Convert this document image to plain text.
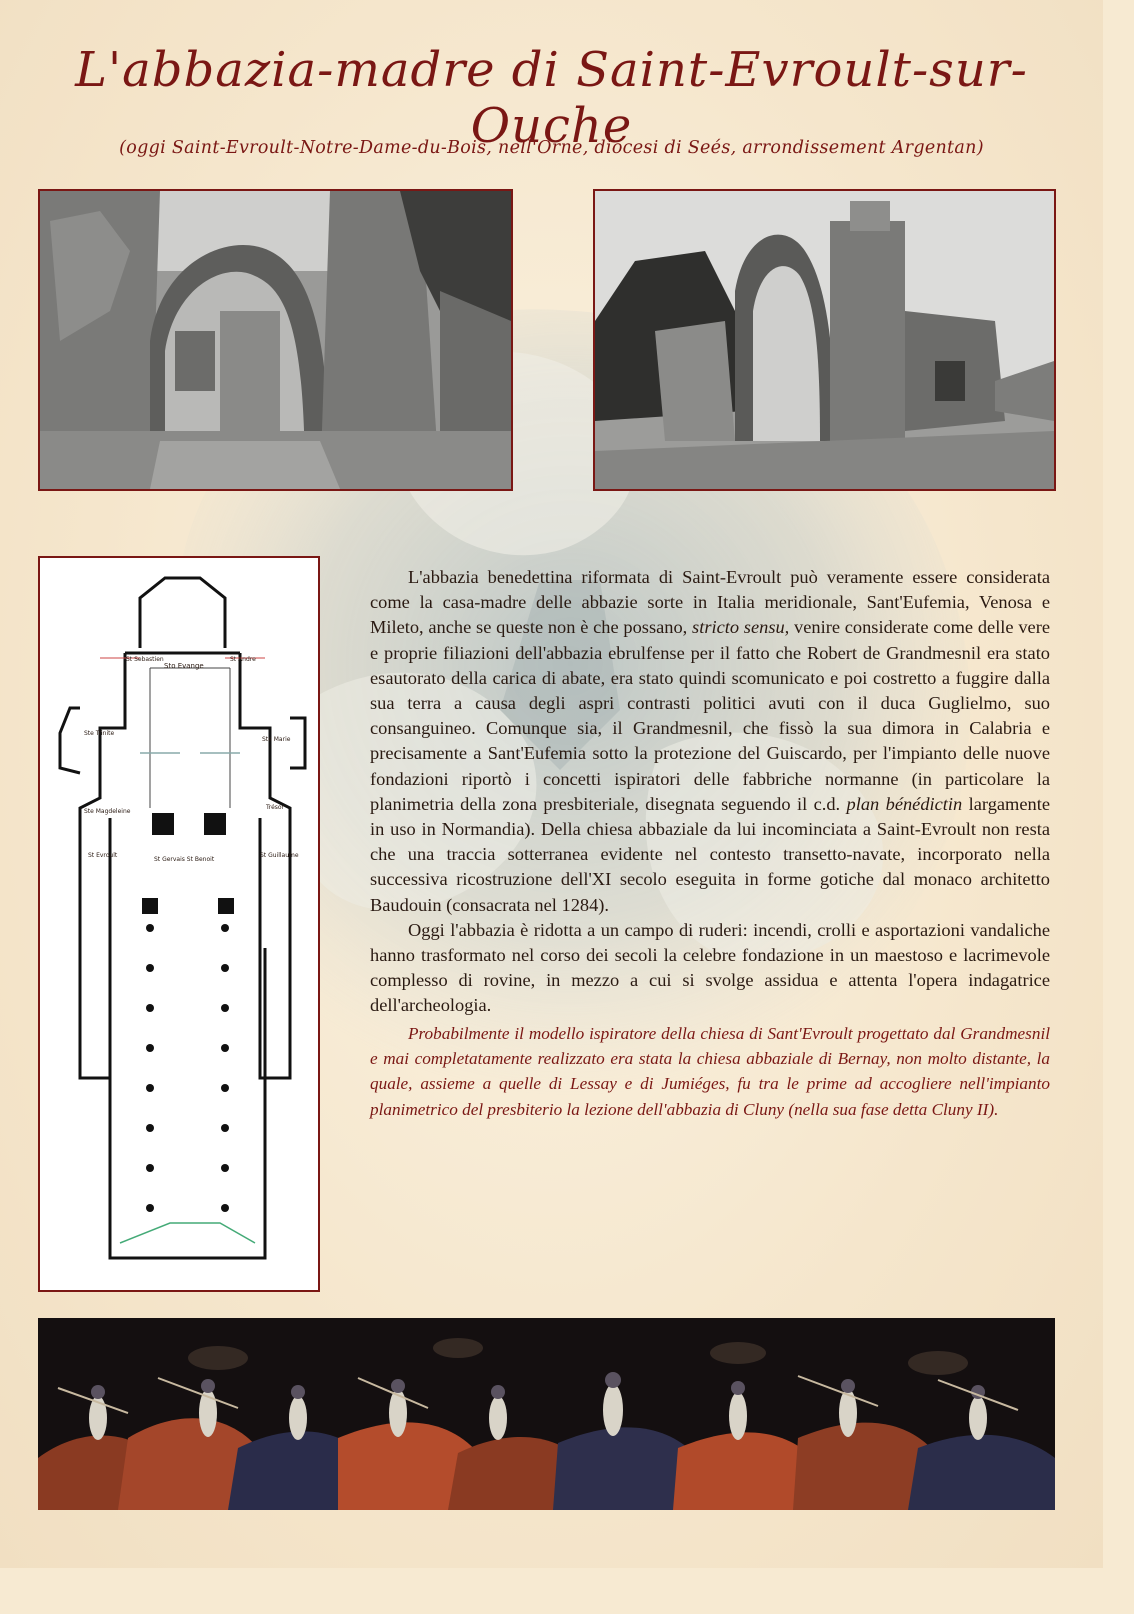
L'abbazia-madre di Saint-Evroult-sur-Ouche
(oggi Saint-Evroult-Notre-Dame-du-Bois, nell'Orne, diocesi di Seés, arrondissement Argentan)
Sto Evange
St Sebastien	St Andre
Ste Trinite
Ste Marie
Ste Magdeleine
Trésor
St Evroult
St Gervais St Benoit
St Guillaume

L'abbazia benedettina riformata di Saint-Evroult può veramente essere considerata come la casa-madre delle abbazie sorte in Italia meridionale, Sant'Eufemia, Venosa e Mileto, anche se queste non è che possano, stricto sensu, venire considerate come delle vere e proprie filiazioni dell'abbazia ebrulfense per il fatto che Robert de Grandmesnil era stato esautorato della carica di abate, era stato quindi scomunicato e poi costretto a fuggire dalla sua terra a causa degli aspri contrasti politici avuti con il duca Guglielmo, suo consanguineo. Comunque sia, il Grandmesnil, che fissò la sua dimora in Calabria e precisamente a Sant'Eufemia sotto la protezione del Guiscardo, per l'impianto delle nuove fondazioni riportò i concetti ispiratori delle fabbriche normanne (in particolare la planimetria della zona presbiteriale, disegnata seguendo il c.d. plan bénédictin largamente in uso in Normandia). Della chiesa abbaziale da lui incominciata a Saint-Evroult non resta che una traccia sotterranea evidente nel contesto transetto-navate, incorporato nella successiva ricostruzione dell'XI secolo eseguita in forme gotiche dal monaco architetto Baudouin (consacrata nel 1284).

Oggi l'abbazia è ridotta a un campo di ruderi: incendi, crolli e asportazioni vandaliche hanno trasformato nel corso dei secoli la celebre fondazione in un maestoso e lacrimevole complesso di rovine, in mezzo a cui si svolge assidua e attenta l'opera indagatrice dell'archeologia.

Probabilmente il modello ispiratore della chiesa di Sant'Evroult progettato dal Grandmesnil e mai completatamente realizzato era stata la chiesa abbaziale di Bernay, non molto distante, la quale, assieme a quelle di Lessay e di Jumiéges, fu tra le prime ad accogliere nell'impianto planimetrico del presbiterio la lezione dell'abbazia di Cluny (nella sua fase detta Cluny II).
